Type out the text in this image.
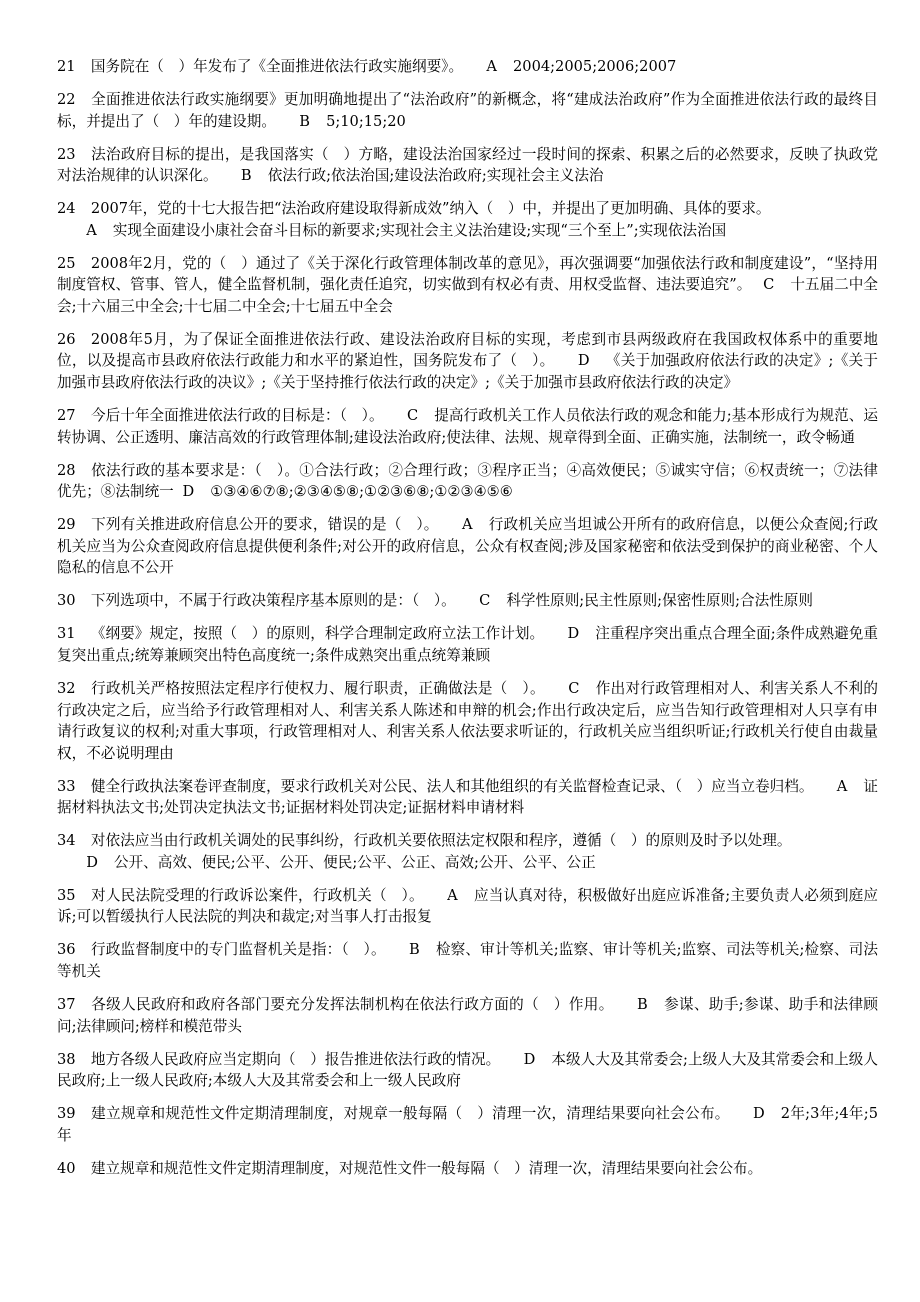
21 国务院在（　）年发布了《全面推进依法行政实施纲要》。 A 2004;2005;2006;2007

22 全面推进依法行政实施纲要》更加明确地提出了“法治政府”的新概念，将“建成法治政府”作为全面推进依法行政的最终目标，并提出了（　）年的建设期。 B 5;10;15;20

23 法治政府目标的提出，是我国落实（　）方略，建设法治国家经过一段时间的探索、积累之后的必然要求，反映了执政党对法治规律的认识深化。 B 依法行政;依法治国;建设法治政府;实现社会主义法治

24 2007年，党的十七大报告把“法治政府建设取得新成效”纳入（　）中，并提出了更加明确、具体的要求。
A 实现全面建设小康社会奋斗目标的新要求;实现社会主义法治建设;实现“三个至上”;实现依法治国

25 2008年2月，党的（　）通过了《关于深化行政管理体制改革的意见》，再次强调要“加强依法行政和制度建设”，“坚持用制度管权、管事、管人，健全监督机制，强化责任追究，切实做到有权必有责、用权受监督、违法要追究”。 C 十五届二中全会;十六届三中全会;十七届二中全会;十七届五中全会

26 2008年5月，为了保证全面推进依法行政、建设法治政府目标的实现，考虑到市县两级政府在我国政权体系中的重要地位，以及提高市县政府依法行政能力和水平的紧迫性，国务院发布了（　）。 D 《关于加强政府依法行政的决定》;《关于加强市县政府依法行政的决议》;《关于坚持推行依法行政的决定》;《关于加强市县政府依法行政的决定》

27 今后十年全面推进依法行政的目标是：（　）。 C 提高行政机关工作人员依法行政的观念和能力;基本形成行为规范、运转协调、公正透明、廉洁高效的行政管理体制;建设法治政府;使法律、法规、规章得到全面、正确实施，法制统一，政令畅通

28 依法行政的基本要求是：（　）。①合法行政；②合理行政；③程序正当；④高效便民；⑤诚实守信；⑥权责统一；⑦法律优先；⑧法制统一 D ①③④⑥⑦⑧;②③④⑤⑧;①②③⑥⑧;①②③④⑤⑥

29 下列有关推进政府信息公开的要求，错误的是（　）。 A 行政机关应当坦诚公开所有的政府信息，以便公众查阅;行政机关应当为公众查阅政府信息提供便利条件;对公开的政府信息，公众有权查阅;涉及国家秘密和依法受到保护的商业秘密、个人隐私的信息不公开

30 下列选项中，不属于行政决策程序基本原则的是：（　）。 C 科学性原则;民主性原则;保密性原则;合法性原则

31 《纲要》规定，按照（　）的原则，科学合理制定政府立法工作计划。 D 注重程序突出重点合理全面;条件成熟避免重复突出重点;统筹兼顾突出特色高度统一;条件成熟突出重点统筹兼顾

32 行政机关严格按照法定程序行使权力、履行职责，正确做法是（　）。 C 作出对行政管理相对人、利害关系人不利的行政决定之后，应当给予行政管理相对人、利害关系人陈述和申辩的机会;作出行政决定后，应当告知行政管理相对人只享有申请行政复议的权利;对重大事项，行政管理相对人、利害关系人依法要求听证的，行政机关应当组织听证;行政机关行使自由裁量权，不必说明理由

33 健全行政执法案卷评查制度，要求行政机关对公民、法人和其他组织的有关监督检查记录、（　）应当立卷归档。 A 证据材料执法文书;处罚决定执法文书;证据材料处罚决定;证据材料申请材料

34 对依法应当由行政机关调处的民事纠纷，行政机关要依照法定权限和程序，遵循（　）的原则及时予以处理。
D 公开、高效、便民;公平、公开、便民;公平、公正、高效;公开、公平、公正

35 对人民法院受理的行政诉讼案件，行政机关（　）。 A 应当认真对待，积极做好出庭应诉准备;主要负责人必须到庭应诉;可以暂缓执行人民法院的判决和裁定;对当事人打击报复

36 行政监督制度中的专门监督机关是指：（　）。 B 检察、审计等机关;监察、审计等机关;监察、司法等机关;检察、司法等机关

37 各级人民政府和政府各部门要充分发挥法制机构在依法行政方面的（　）作用。 B 参谋、助手;参谋、助手和法律顾问;法律顾问;榜样和模范带头

38 地方各级人民政府应当定期向（　）报告推进依法行政的情况。 D 本级人大及其常委会;上级人大及其常委会和上级人民政府;上一级人民政府;本级人大及其常委会和上一级人民政府

39 建立规章和规范性文件定期清理制度，对规章一般每隔（　）清理一次，清理结果要向社会公布。 D 2年;3年;4年;5年

40 建立规章和规范性文件定期清理制度，对规范性文件一般每隔（　）清理一次，清理结果要向社会公布。
